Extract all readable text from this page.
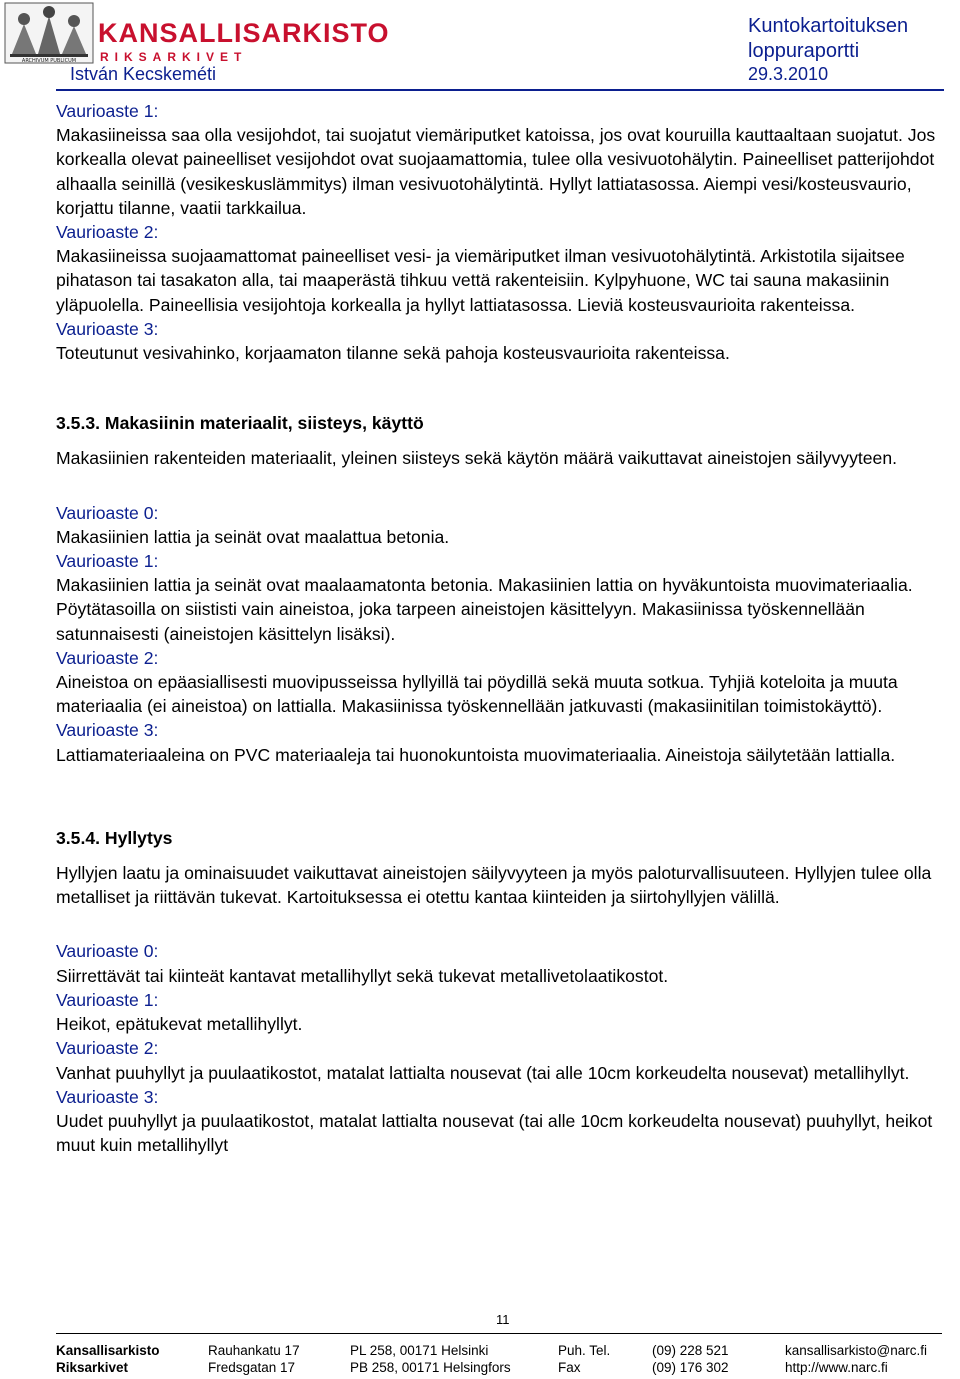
ARCHIVUM PUBLICUM
KANSALLISARKISTO
RIKSARKIVET
István Kecskeméti
Kuntokartoituksen
loppuraportti
29.3.2010

Vaurioaste 1:

Makasiineissa saa olla vesijohdot, tai suojatut viemäriputket katoissa, jos ovat kouruilla kauttaaltaan suojatut. Jos korkealla olevat paineelliset vesijohdot ovat suojaamattomia, tulee olla vesivuotohälytin. Paineelliset patterijohdot alhaalla seinillä (vesikeskuslämmitys) ilman vesivuotohälytintä. Hyllyt lattiatasossa. Aiempi vesi/kosteusvaurio, korjattu tilanne, vaatii tarkkailua.

Vaurioaste 2:

Makasiineissa suojaamattomat paineelliset vesi- ja viemäriputket ilman vesivuotohälytintä. Arkistotila sijaitsee pihatason tai tasakaton alla, tai maaperästä tihkuu vettä rakenteisiin. Kylpyhuone, WC tai sauna makasiinin yläpuolella. Paineellisia vesijohtoja korkealla ja hyllyt lattiatasossa. Lieviä kosteusvaurioita rakenteissa.

Vaurioaste 3:

Toteutunut vesivahinko, korjaamaton tilanne sekä pahoja kosteusvaurioita rakenteissa.

3.5.3. Makasiinin materiaalit, siisteys, käyttö

Makasiinien rakenteiden materiaalit, yleinen siisteys sekä käytön määrä vaikuttavat aineistojen säilyvyyteen.

Vaurioaste 0:

Makasiinien lattia ja seinät ovat maalattua betonia.

Vaurioaste 1:

Makasiinien lattia ja seinät ovat maalaamatonta betonia. Makasiinien lattia on hyväkuntoista muovimateriaalia. Pöytätasoilla on siististi vain aineistoa, joka tarpeen aineistojen käsittelyyn. Makasiinissa työskennellään satunnaisesti (aineistojen käsittelyn lisäksi).

Vaurioaste 2:

Aineistoa on epäasiallisesti muovipusseissa hyllyillä tai pöydillä sekä muuta sotkua. Tyhjiä koteloita ja muuta materiaalia (ei aineistoa) on lattialla. Makasiinissa työskennellään jatkuvasti (makasiinitilan toimistokäyttö).

Vaurioaste 3:

Lattiamateriaaleina on PVC materiaaleja tai huonokuntoista muovimateriaalia. Aineistoja säilytetään lattialla.

3.5.4. Hyllytys

Hyllyjen laatu ja ominaisuudet vaikuttavat aineistojen säilyvyyteen ja myös paloturvallisuuteen. Hyllyjen tulee olla metalliset ja riittävän tukevat. Kartoituksessa ei otettu kantaa kiinteiden ja siirtohyllyjen välillä.

Vaurioaste 0:

Siirrettävät tai kiinteät kantavat metallihyllyt sekä tukevat metallivetolaatikostot.

Vaurioaste 1:

Heikot, epätukevat metallihyllyt.

Vaurioaste 2:

Vanhat puuhyllyt ja puulaatikostot, matalat lattialta nousevat (tai alle 10cm korkeudelta nousevat) metallihyllyt.

Vaurioaste 3:

Uudet puuhyllyt ja puulaatikostot, matalat lattialta nousevat (tai alle 10cm korkeudelta nousevat) puuhyllyt, heikot muut kuin metallihyllyt

11
Kansallisarkisto	Rauhankatu 17	PL 258, 00171 Helsinki	Puh. Tel.	(09) 228 521	kansallisarkisto@narc.fi
Riksarkivet	Fredsgatan 17	PB 258, 00171 Helsingfors	Fax	(09) 176 302	http://www.narc.fi
